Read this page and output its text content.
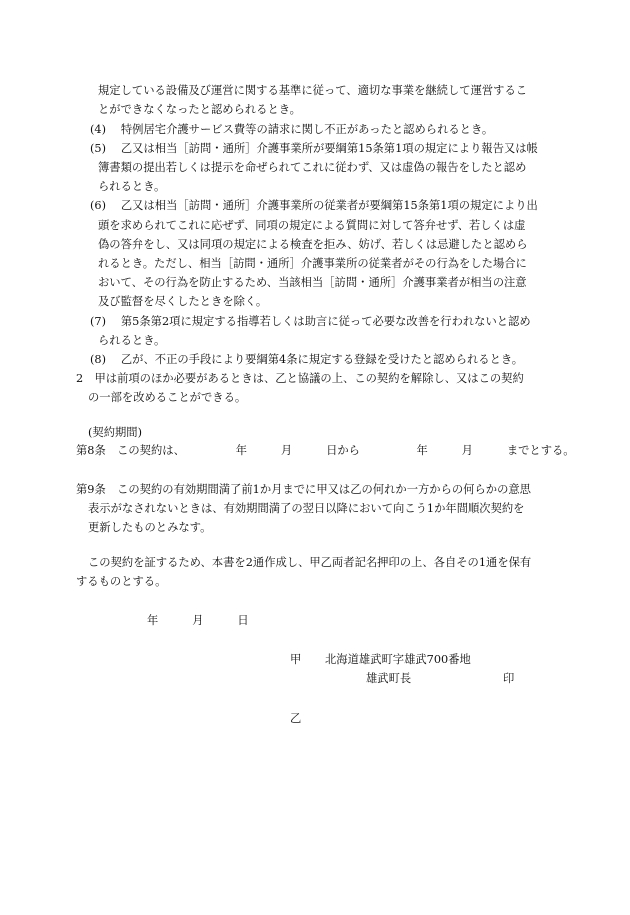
規定している設備及び運営に関する基準に従って、適切な事業を継続して運営するこ

とができなくなったと認められるとき。

(4)　 特例居宅介護サービス費等の請求に関し不正があったと認められるとき。

(5)　 乙又は相当［訪問・通所］介護事業所が要綱第15条第1項の規定により報告又は帳

簿書類の提出若しくは提示を命ぜられてこれに従わず、又は虚偽の報告をしたと認め

られるとき。

(6)　 乙又は相当［訪問・通所］介護事業所の従業者が要綱第15条第1項の規定により出

頭を求められてこれに応ぜず、同項の規定による質問に対して答弁せず、若しくは虚

偽の答弁をし、又は同項の規定による検査を拒み、妨げ、若しくは忌避したと認めら

れるとき。ただし、相当［訪問・通所］介護事業所の従業者がその行為をした場合に

おいて、その行為を防止するため、当該相当［訪問・通所］介護事業者が相当の注意

及び監督を尽くしたときを除く。

(7)　 第5条第2項に規定する指導若しくは助言に従って必要な改善を行われないと認め

られるとき。

(8)　 乙が、不正の手段により要綱第4条に規定する登録を受けたと認められるとき。

2　甲は前項のほか必要があるときは、乙と協議の上、この契約を解除し、又はこの契約

の一部を改めることができる。

(契約期間)

第8条　この契約は、　　　　　年　　　月　　　日から　　　　　年　　　月　　　までとする。

第9条　この契約の有効期間満了前1か月までに甲又は乙の何れか一方からの何らかの意思

表示がなされないときは、有効期間満了の翌日以降において向こう1か年間順次契約を

更新したものとみなす。

この契約を証するため、本書を2通作成し、甲乙両者記名押印の上、各自その1通を保有

するものとする。

年　　　月　　　日

甲 北海道雄武町字雄武700番地

雄武町長	印

乙
